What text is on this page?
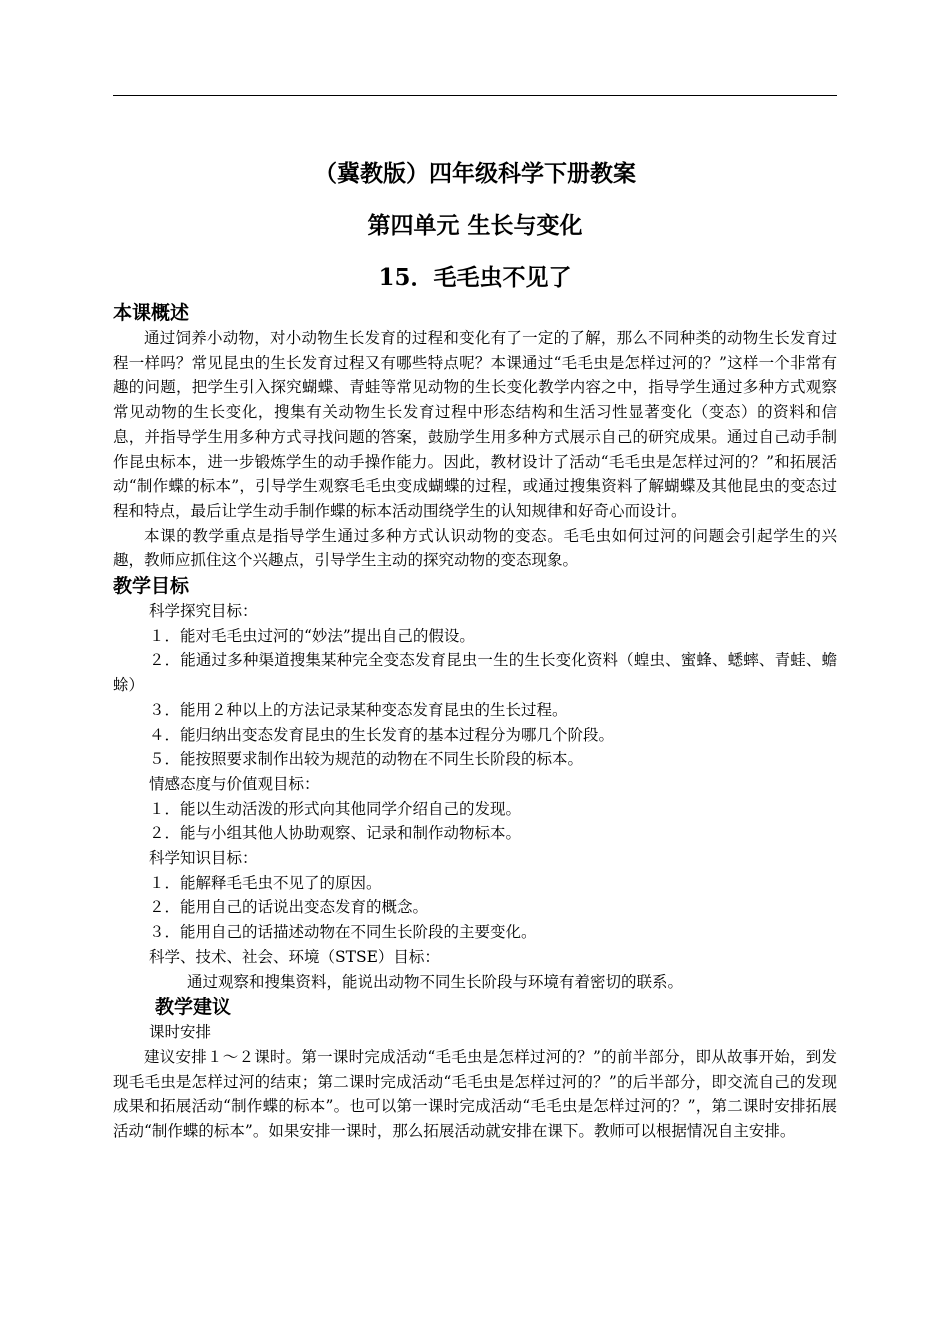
（冀教版）四年级科学下册教案
第四单元 生长与变化
15．毛毛虫不见了

本课概述

通过饲养小动物，对小动物生长发育的过程和变化有了一定的了解，那么不同种类的动物生长发育过程一样吗？常见昆虫的生长发育过程又有哪些特点呢？本课通过“毛毛虫是怎样过河的？”这样一个非常有趣的问题，把学生引入探究蝴蝶、青蛙等常见动物的生长变化教学内容之中，指导学生通过多种方式观察常见动物的生长变化，搜集有关动物生长发育过程中形态结构和生活习性显著变化（变态）的资料和信息，并指导学生用多种方式寻找问题的答案，鼓励学生用多种方式展示自己的研究成果。通过自己动手制作昆虫标本，进一步锻炼学生的动手操作能力。因此，教材设计了活动“毛毛虫是怎样过河的？”和拓展活动“制作蝶的标本”，引导学生观察毛毛虫变成蝴蝶的过程，或通过搜集资料了解蝴蝶及其他昆虫的变态过程和特点，最后让学生动手制作蝶的标本活动围绕学生的认知规律和好奇心而设计。

本课的教学重点是指导学生通过多种方式认识动物的变态。毛毛虫如何过河的问题会引起学生的兴趣，教师应抓住这个兴趣点，引导学生主动的探究动物的变态现象。

教学目标

科学探究目标：

１．能对毛毛虫过河的“妙法”提出自己的假设。

２．能通过多种渠道搜集某种完全变态发育昆虫一生的生长变化资料（蝗虫、蜜蜂、蟋蟀、青蛙、蟾蜍）

３．能用２种以上的方法记录某种变态发育昆虫的生长过程。

４．能归纳出变态发育昆虫的生长发育的基本过程分为哪几个阶段。

５．能按照要求制作出较为规范的动物在不同生长阶段的标本。

情感态度与价值观目标：

１．能以生动活泼的形式向其他同学介绍自己的发现。

２．能与小组其他人协助观察、记录和制作动物标本。

科学知识目标：

１．能解释毛毛虫不见了的原因。

２．能用自己的话说出变态发育的概念。

３．能用自己的话描述动物在不同生长阶段的主要变化。

科学、技术、社会、环境（STSE）目标：

通过观察和搜集资料，能说出动物不同生长阶段与环境有着密切的联系。

教学建议

课时安排

建议安排１～２课时。第一课时完成活动“毛毛虫是怎样过河的？”的前半部分，即从故事开始，到发现毛毛虫是怎样过河的结束；第二课时完成活动“毛毛虫是怎样过河的？”的后半部分，即交流自己的发现成果和拓展活动“制作蝶的标本”。也可以第一课时完成活动“毛毛虫是怎样过河的？”，第二课时安排拓展活动“制作蝶的标本”。如果安排一课时，那么拓展活动就安排在课下。教师可以根据情况自主安排。
